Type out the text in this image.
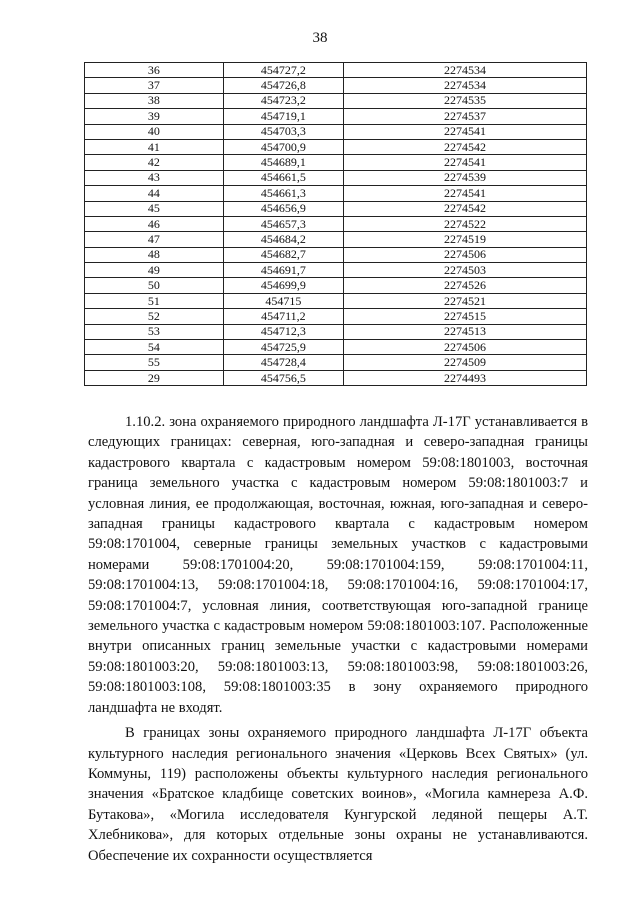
38
36	454727,2	2274534
37	454726,8	2274534
38	454723,2	2274535
39	454719,1	2274537
40	454703,3	2274541
41	454700,9	2274542
42	454689,1	2274541
43	454661,5	2274539
44	454661,3	2274541
45	454656,9	2274542
46	454657,3	2274522
47	454684,2	2274519
48	454682,7	2274506
49	454691,7	2274503
50	454699,9	2274526
51	454715	2274521
52	454711,2	2274515
53	454712,3	2274513
54	454725,9	2274506
55	454728,4	2274509
29	454756,5	2274493

1.10.2. зона охраняемого природного ландшафта Л-17Г устанавливается в следующих границах: северная, юго-западная и северо-западная границы кадастрового квартала с кадастровым номером 59:08:1801003, восточная граница земельного участка с кадастровым номером 59:08:1801003:7 и условная линия, ее продолжающая, восточная, южная, юго-западная и северо-западная границы кадастрового квартала с кадастровым номером 59:08:1701004, северные границы земельных участков с кадастровыми номерами 59:08:1701004:20, 59:08:1701004:159, 59:08:1701004:11, 59:08:1701004:13, 59:08:1701004:18, 59:08:1701004:16, 59:08:1701004:17, 59:08:1701004:7, условная линия, соответствующая юго-западной границе земельного участка с кадастровым номером 59:08:1801003:107. Расположенные внутри описанных границ земельные участки с кадастровыми номерами 59:08:1801003:20, 59:08:1801003:13, 59:08:1801003:98, 59:08:1801003:26, 59:08:1801003:108, 59:08:1801003:35 в зону охраняемого природного ландшафта не входят.

В границах зоны охраняемого природного ландшафта Л-17Г объекта культурного наследия регионального значения «Церковь Всех Святых» (ул. Коммуны, 119) расположены объекты культурного наследия регионального значения «Братское кладбище советских воинов», «Могила камнереза А.Ф. Бутакова», «Могила исследователя Кунгурской ледяной пещеры А.Т. Хлебникова», для которых отдельные зоны охраны не устанавливаются. Обеспечение их сохранности осуществляется
